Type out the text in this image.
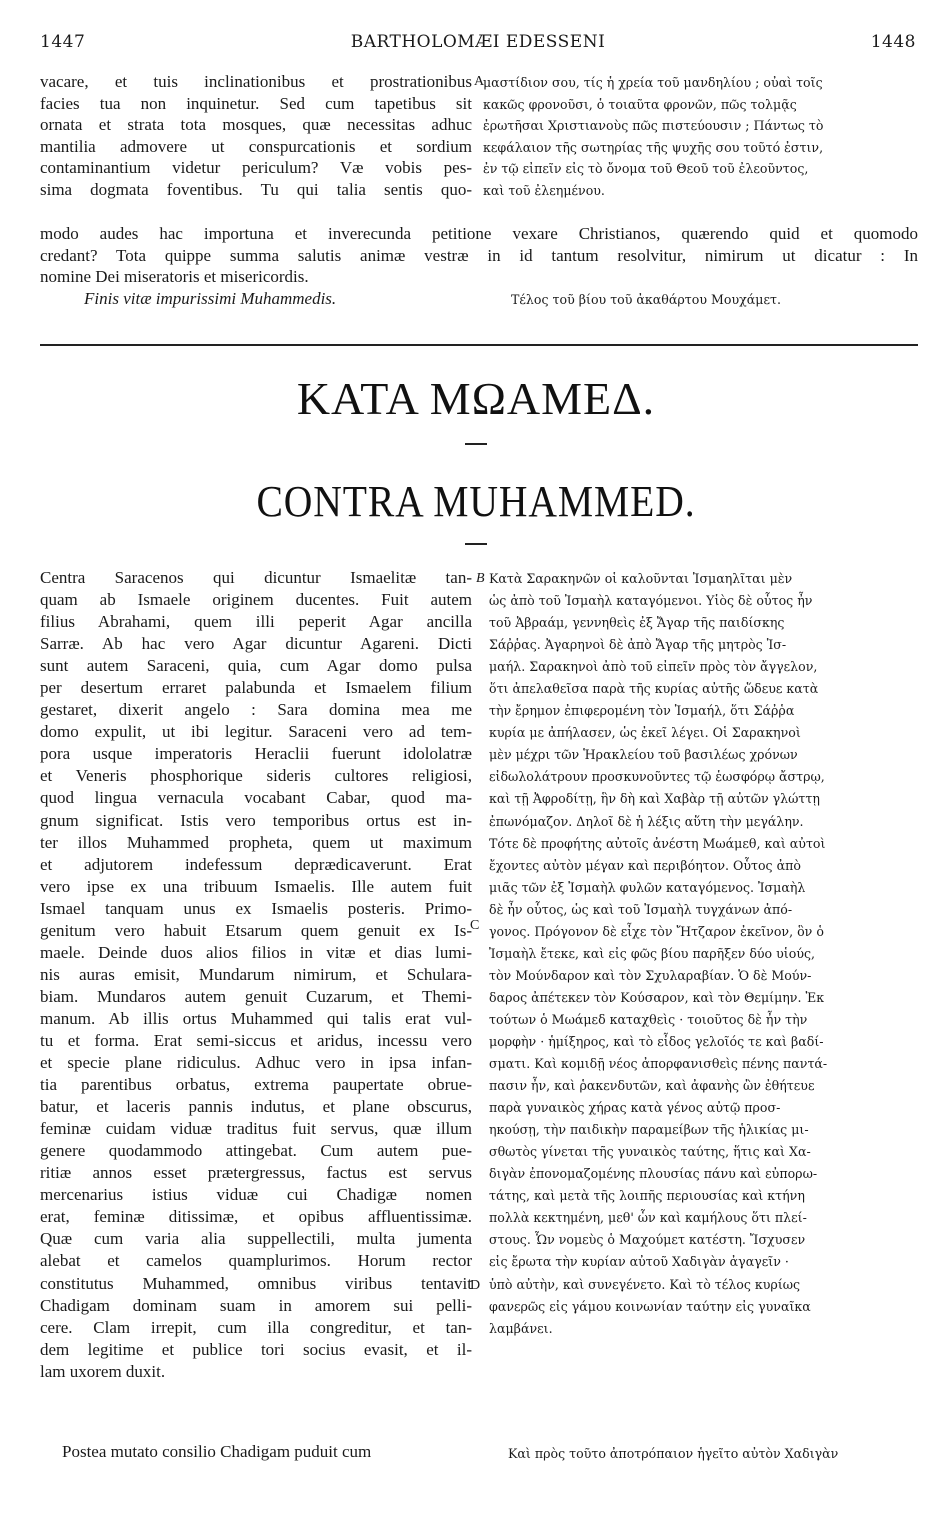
1447	BARTHOLOMÆI EDESSENI	1448
vacare, et tuis inclinationibus et prostrationibus
facies tua non inquinetur. Sed cum tapetibus sit
ornata et strata tota mosques, quæ necessitas adhuc
mantilia admovere ut conspurcationis et sordium
contaminantium videtur periculum? Væ vobis pes-
sima dogmata foventibus. Tu qui talia sentis quo-
A
μαστίδιον σου, τίς ἡ χρεία τοῦ μανδηλίου ; οὐαὶ τοῖς
κακῶς φρονοῦσι, ὁ τοιαῦτα φρονῶν, πῶς τολμᾷς
ἐρωτῆσαι Χριστιανοὺς πῶς πιστεύουσιν ; Πάντως τὸ
κεφάλαιον τῆς σωτηρίας τῆς ψυχῆς σου τοῦτό ἐστιν,
ἐν τῷ εἰπεῖν εἰς τὸ ὄνομα τοῦ Θεοῦ τοῦ ἐλεοῦντος,
καὶ τοῦ ἐλεημένου.
modo audes hac importuna et inverecunda petitione vexare Christianos, quærendo quid et quomodo
credant? Tota quippe summa salutis animæ vestræ in id tantum resolvitur, nimirum ut dicatur : In
nomine Dei miseratoris et misericordis.
Finis vitæ impurissimi Muhammedis.	Τέλος τοῦ βίου τοῦ ἀκαθάρτου Μουχάμετ.
ΚΑΤΑ ΜΩΑΜΕΔ.
CONTRA MUHAMMED.
Centra Saracenos qui dicuntur Ismaelitæ tan-
quam ab Ismaele originem ducentes. Fuit autem
filius Abrahami, quem illi peperit Agar ancilla
Sarræ. Ab hac vero Agar dicuntur Agareni. Dicti
sunt autem Saraceni, quia, cum Agar domo pulsa
per desertum erraret palabunda et Ismaelem filium
gestaret, dixerit angelo : Sara domina mea me
domo expulit, ut ibi legitur. Saraceni vero ad tem-
pora usque imperatoris Heraclii fuerunt idololatræ
et Veneris phosphorique sideris cultores religiosi,
quod lingua vernacula vocabant Cabar, quod ma-
gnum significat. Istis vero temporibus ortus est in-
ter illos Muhammed propheta, quem ut maximum
et adjutorem indefessum deprædicaverunt. Erat
vero ipse ex una tribuum Ismaelis. Ille autem fuit
Ismael tanquam unus ex Ismaelis posteris. Primo-
genitum vero habuit Etsarum quem genuit ex Is-
maele. Deinde duos alios filios in vitæ et dias lumi-
nis auras emisit, Mundarum nimirum, et Schulara-
biam. Mundaros autem genuit Cuzarum, et Themi-
manum. Ab illis ortus Muhammed qui talis erat vul-
tu et forma. Erat semi-siccus et aridus, incessu vero
et specie plane ridiculus. Adhuc vero in ipsa infan-
tia parentibus orbatus, extrema paupertate obrue-
batur, et laceris pannis indutus, et plane obscurus,
feminæ cuidam viduæ traditus fuit servus, quæ illum
genere quodammodo attingebat. Cum autem pue-
ritiæ annos esset prætergressus, factus est servus
mercenarius istius viduæ cui Chadigæ nomen
erat, feminæ ditissimæ, et opibus affluentissimæ.
Quæ cum varia alia suppellectili, multa jumenta
alebat et camelos quamplurimos. Horum rector
constitutus Muhammed, omnibus viribus tentavit
Chadigam dominam suam in amorem sui pelli-
cere. Clam irrepit, cum illa congreditur, et tan-
dem legitime et publice tori socius evasit, et il-
lam uxorem duxit.
B
C
D
Κατὰ Σαρακηνῶν οἱ καλοῦνται Ἰσμαηλῖται μὲν
ὡς ἀπὸ τοῦ Ἰσμαὴλ καταγόμενοι. Υἱὸς δὲ οὗτος ἦν
τοῦ Ἀβραάμ, γεννηθεὶς ἐξ Ἄγαρ τῆς παιδίσκης
Σάῤῥας. Ἀγαρηνοὶ δὲ ἀπὸ Ἄγαρ τῆς μητρὸς Ἰσ-
μαήλ. Σαρακηνοὶ ἀπὸ τοῦ εἰπεῖν πρὸς τὸν ἄγγελον,
ὅτι ἀπελαθεῖσα παρὰ τῆς κυρίας αὐτῆς ὥδευε κατὰ
τὴν ἔρημον ἐπιφερομένη τὸν Ἰσμαήλ, ὅτι Σάῤῥα
κυρία με ἀπήλασεν, ὡς ἐκεῖ λέγει. Οἱ Σαρακηνοὶ
μὲν μέχρι τῶν Ἡρακλείου τοῦ βασιλέως χρόνων
εἰδωλολάτρουν προσκυνοῦντες τῷ ἑωσφόρῳ ἄστρῳ,
καὶ τῇ Ἀφροδίτῃ, ἣν δὴ καὶ Χαβὰρ τῇ αὐτῶν γλώττῃ
ἐπωνόμαζον. Δηλοῖ δὲ ἡ λέξις αὕτη τὴν μεγάλην.
Τότε δὲ προφήτης αὐτοῖς ἀνέστη Μωάμεθ, καὶ αὐτοὶ
ἔχοντες αὐτὸν μέγαν καὶ περιβόητον. Οὗτος ἀπὸ
μιᾶς τῶν ἐξ Ἰσμαὴλ φυλῶν καταγόμενος. Ἰσμαὴλ
δὲ ἦν οὗτος, ὡς καὶ τοῦ Ἰσμαὴλ τυγχάνων ἀπό-
γονος. Πρόγονον δὲ εἶχε τὸν Ἤτζαρον ἐκεῖνον, ὃν ὁ
Ἰσμαὴλ ἔτεκε, καὶ εἰς φῶς βίου παρῆξεν δύο υἱούς,
τὸν Μούνδαρον καὶ τὸν Σχυλαραβίαν. Ὁ δὲ Μούν-
δαρος ἀπέτεκεν τὸν Κούσαρον, καὶ τὸν Θεμίμην. Ἐκ
τούτων ὁ Μωάμεδ καταχθεὶς · τοιοῦτος δὲ ἦν τὴν
μορφὴν · ἡμίξηρος, καὶ τὸ εἶδος γελοῖός τε καὶ βαδί-
σματι. Καὶ κομιδῇ νέος ἀπορφανισθεὶς πένης παντά-
πασιν ἦν, καὶ ῥακενδυτῶν, καὶ ἀφανὴς ὢν ἐθήτευε
παρὰ γυναικὸς χήρας κατὰ γένος αὐτῷ προσ-
ηκούσῃ, τὴν παιδικὴν παραμείβων τῆς ἡλικίας μι-
σθωτὸς γίνεται τῆς γυναικὸς ταύτης, ἥτις καὶ Χα-
διγὰν ἐπονομαζομένης πλουσίας πάνυ καὶ εὐπορω-
τάτης, καὶ μετὰ τῆς λοιπῆς περιουσίας καὶ κτήνη
πολλὰ κεκτημένη, μεθ' ὧν καὶ καμήλους ὅτι πλεί-
στους. Ὧν νομεὺς ὁ Μαχούμετ κατέστη. Ἴσχυσεν
εἰς ἔρωτα τὴν κυρίαν αὐτοῦ Χαδιγὰν ἀγαγεῖν ·
ὑπὸ αὐτὴν, καὶ συνεγένετο. Καὶ τὸ τέλος κυρίως
φανερῶς εἰς γάμου κοινωνίαν ταύτην εἰς γυναῖκα
λαμβάνει.
Postea mutato consilio Chadigam puduit cum	Καὶ πρὸς τοῦτο ἀποτρόπαιον ἡγεῖτο αὐτὸν Χαδιγὰν
